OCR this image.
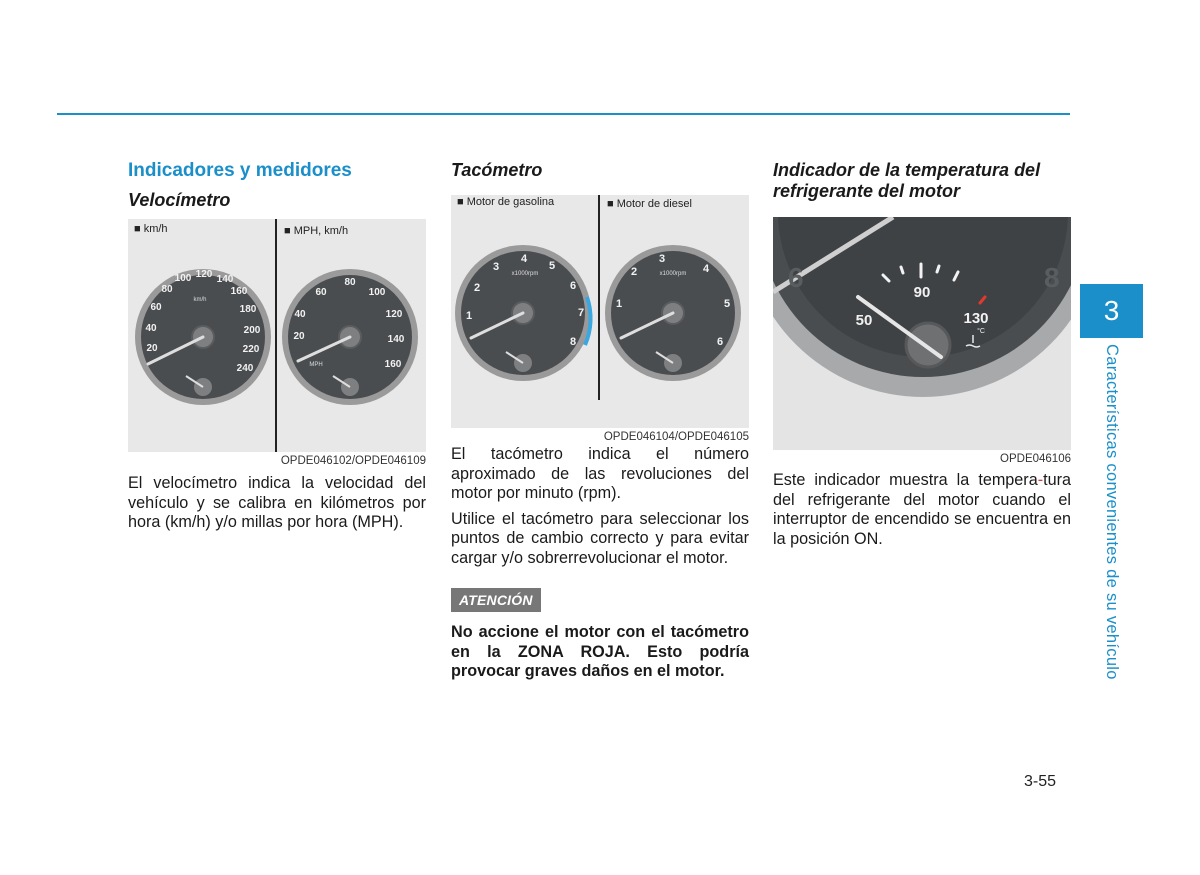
Indicadores y medidores
Velocímetro
■ km/h	■ MPH, km/h
km/h
20
40
60
80
100 120 140
160
180
200
220
240	MPH
20
40
60
80
100
120
140
160
OPDE046102/OPDE046109

El velocímetro indica la velocidad del vehículo y se calibra en kilómetros por hora (km/h) y/o millas por hora (MPH).

Tacómetro
■ Motor de gasolina	■ Motor de diesel
x1000rpm
1
2
3
4
5
6
7
8
x1000rpm
1
2
3
4
5
6
OPDE046104/OPDE046105

El tacómetro indica el número aproximado de las revoluciones del motor por minuto (rpm).

Utilice el tacómetro para seleccionar los puntos de cambio correcto y para evitar cargar y/o sobrerrevolucionar el motor.

ATENCIÓN

No accione el motor con el tacómetro en la ZONA ROJA. Esto podría provocar graves daños en el motor.

Indicador de la temperatura del refrigerante del motor
8
6	90
50	130
°C
OPDE046106

Este indicador muestra la tempera-tura del refrigerante del motor cuando el interruptor de encendido se encuentra en la posición ON.

3
Características convenientes de su vehículo
3-55
